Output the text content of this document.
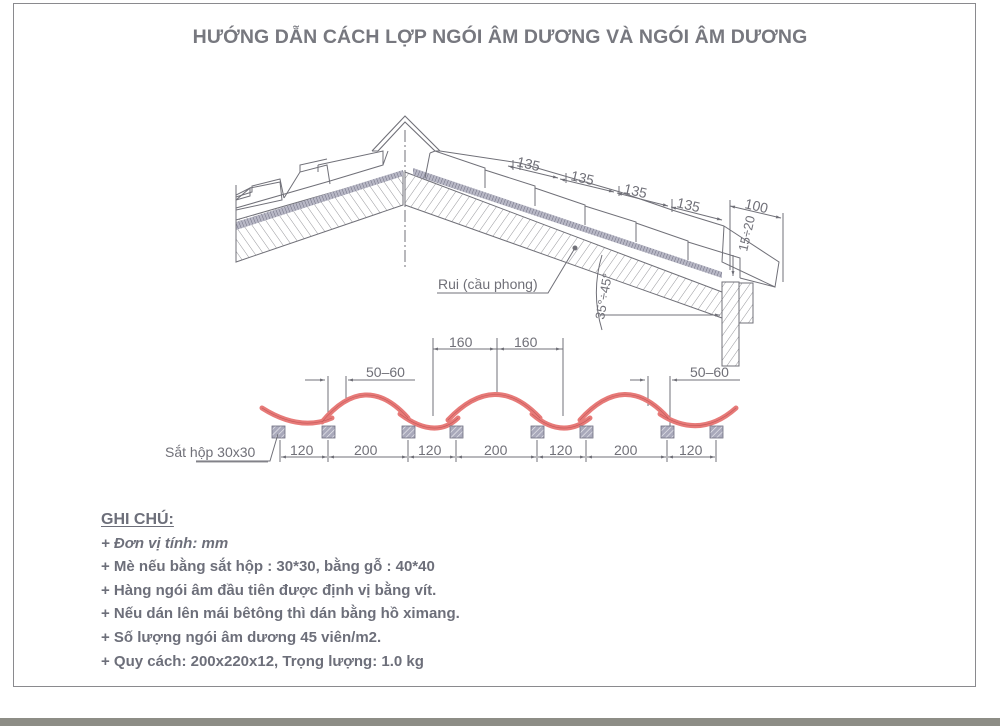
HƯỚNG DẪN CÁCH LỢP NGÓI ÂM DƯƠNG VÀ NGÓI ÂM DƯƠNG
135
135
135
135	100
15÷20
Rui (cầu phong)	35°÷45°
160	160
50–60	50–60
Sắt hộp 30x30 120	200	120	200	120	200	120
GHI CHÚ:
+ Đơn vị tính: mm
+ Mè nếu bằng sắt hộp : 30*30, bằng gỗ : 40*40
+ Hàng ngói âm đầu tiên được định vị bằng vít.
+ Nếu dán lên mái bêtông thì dán bằng hồ ximang.
+ Số lượng ngói âm dương 45 viên/m2.
+ Quy cách: 200x220x12, Trọng lượng: 1.0 kg
